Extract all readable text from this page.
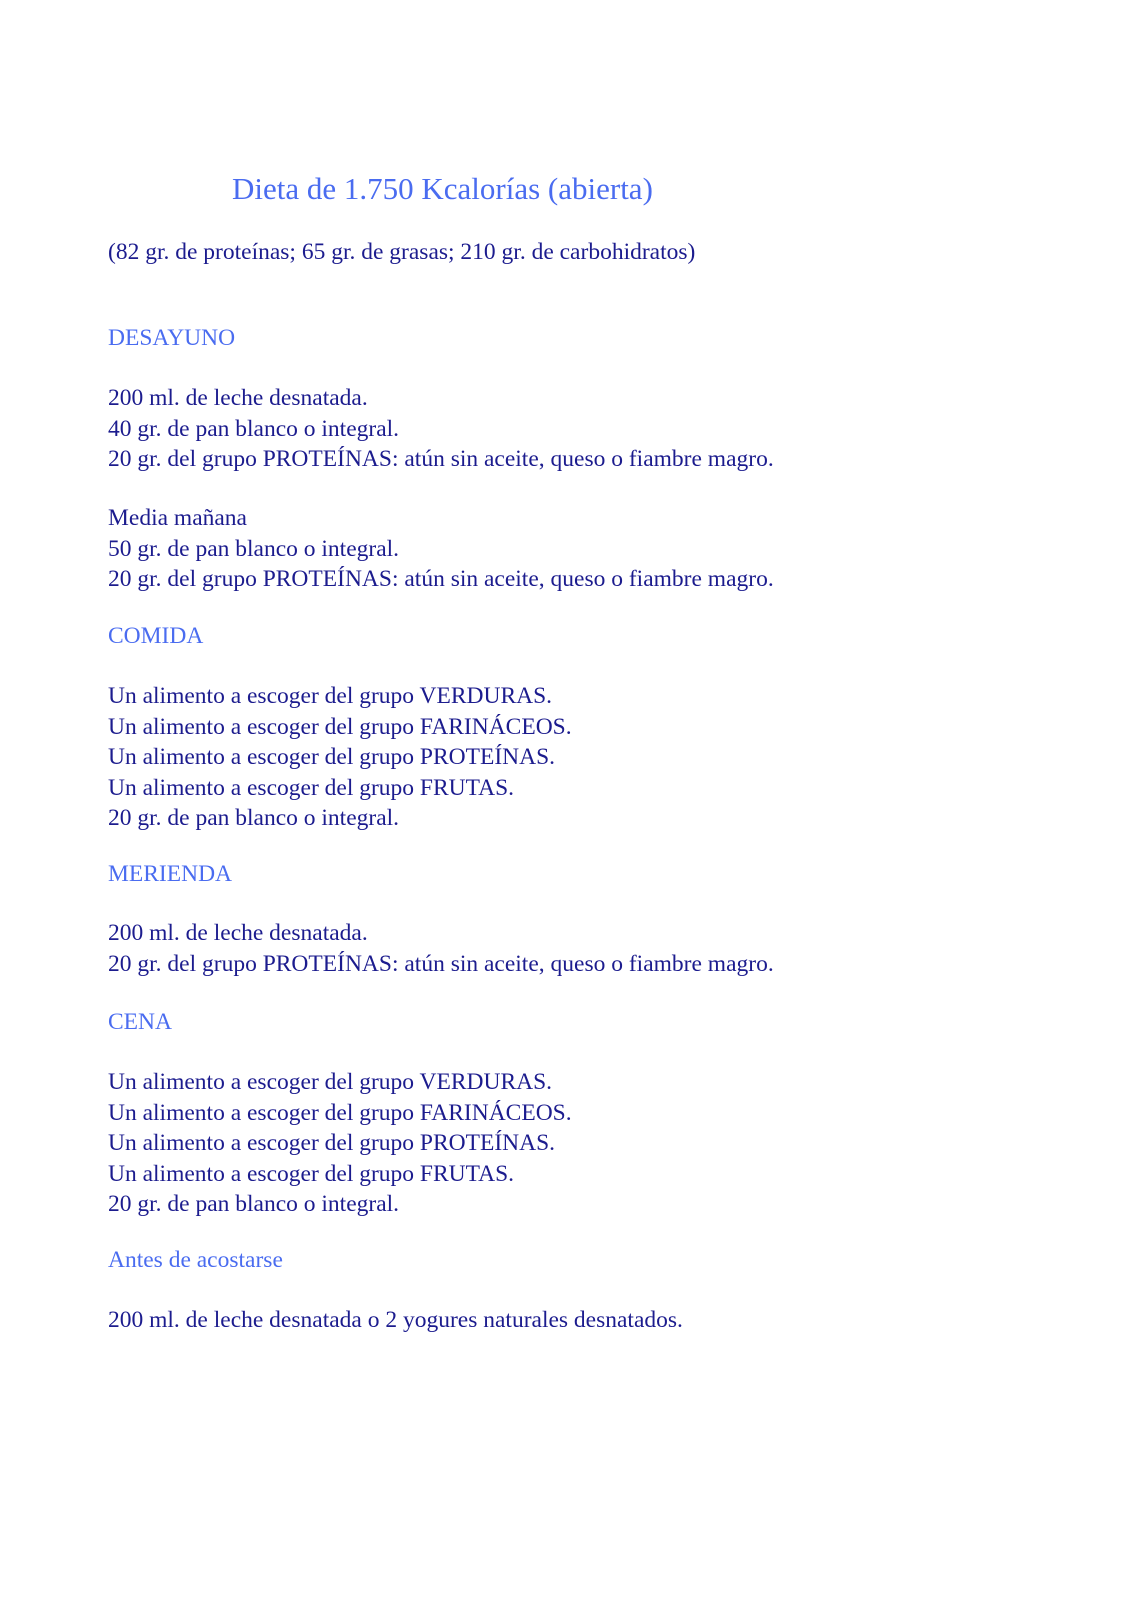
Dieta de 1.750 Kcalorías (abierta)

(82 gr. de proteínas; 65 gr. de grasas; 210 gr. de carbohidratos)

DESAYUNO
200 ml. de leche desnatada.
40 gr. de pan blanco o integral.
20 gr. del grupo PROTEÍNAS: atún sin aceite, queso o fiambre magro.
Media mañana
50 gr. de pan blanco o integral.
20 gr. del grupo PROTEÍNAS: atún sin aceite, queso o fiambre magro.
COMIDA
Un alimento a escoger del grupo VERDURAS.
Un alimento a escoger del grupo FARINÁCEOS.
Un alimento a escoger del grupo PROTEÍNAS.
Un alimento a escoger del grupo FRUTAS.
20 gr. de pan blanco o integral.
MERIENDA
200 ml. de leche desnatada.
20 gr. del grupo PROTEÍNAS: atún sin aceite, queso o fiambre magro.
CENA
Un alimento a escoger del grupo VERDURAS.
Un alimento a escoger del grupo FARINÁCEOS.
Un alimento a escoger del grupo PROTEÍNAS.
Un alimento a escoger del grupo FRUTAS.
20 gr. de pan blanco o integral.
Antes de acostarse
200 ml. de leche desnatada o 2 yogures naturales desnatados.
